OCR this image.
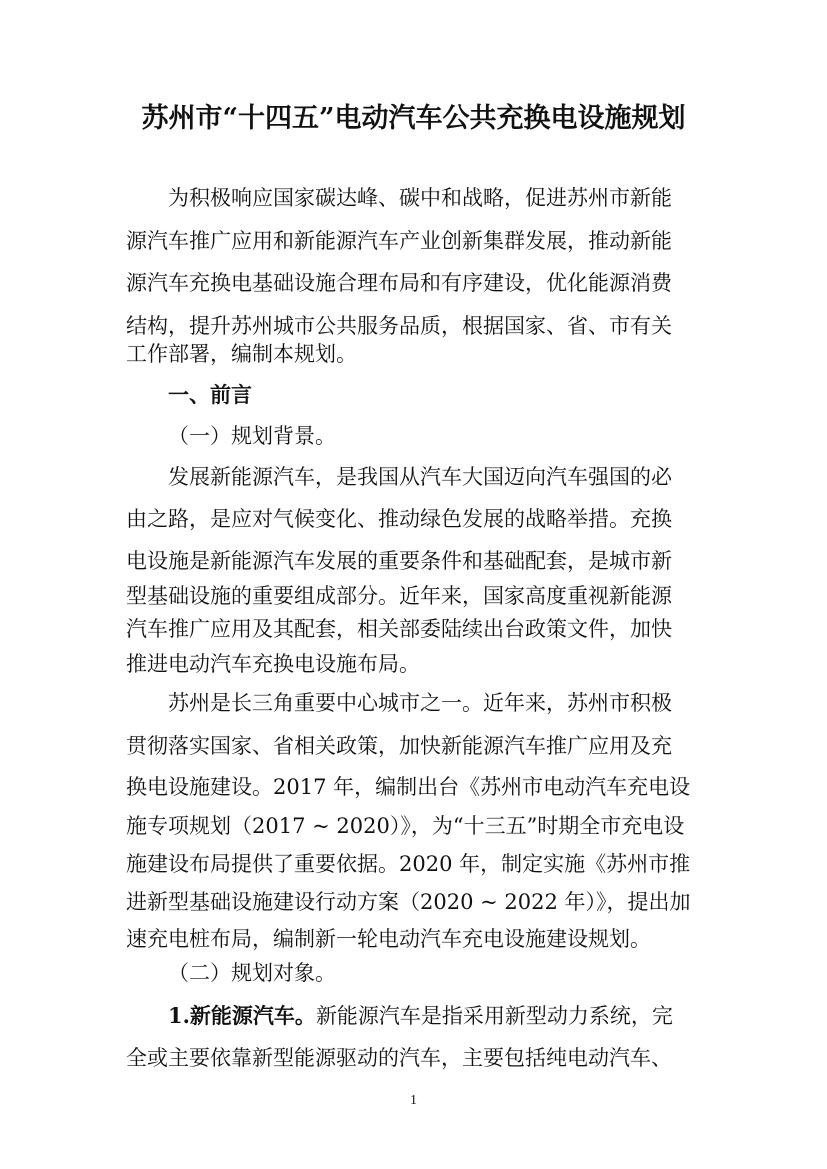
苏州市“十四五”电动汽车公共充换电设施规划
为积极响应国家碳达峰、碳中和战略，促进苏州市新能
源汽车推广应用和新能源汽车产业创新集群发展，推动新能
源汽车充换电基础设施合理布局和有序建设，优化能源消费
结构，提升苏州城市公共服务品质，根据国家、省、市有关
工作部署，编制本规划。
一、前言
（一）规划背景。
发展新能源汽车，是我国从汽车大国迈向汽车强国的必
由之路，是应对气候变化、推动绿色发展的战略举措。充换
电设施是新能源汽车发展的重要条件和基础配套，是城市新
型基础设施的重要组成部分。近年来，国家高度重视新能源
汽车推广应用及其配套，相关部委陆续出台政策文件，加快
推进电动汽车充换电设施布局。
苏州是长三角重要中心城市之一。近年来，苏州市积极
贯彻落实国家、省相关政策，加快新能源汽车推广应用及充
换电设施建设。2017 年，编制出台《苏州市电动汽车充电设
施专项规划（2017 ~ 2020）》，为“十三五”时期全市充电设
施建设布局提供了重要依据。2020 年，制定实施《苏州市推
进新型基础设施建设行动方案（2020 ~ 2022 年）》，提出加
速充电桩布局，编制新一轮电动汽车充电设施建设规划。
（二）规划对象。
1.新能源汽车。新能源汽车是指采用新型动力系统，完
全或主要依靠新型能源驱动的汽车，主要包括纯电动汽车、
1
